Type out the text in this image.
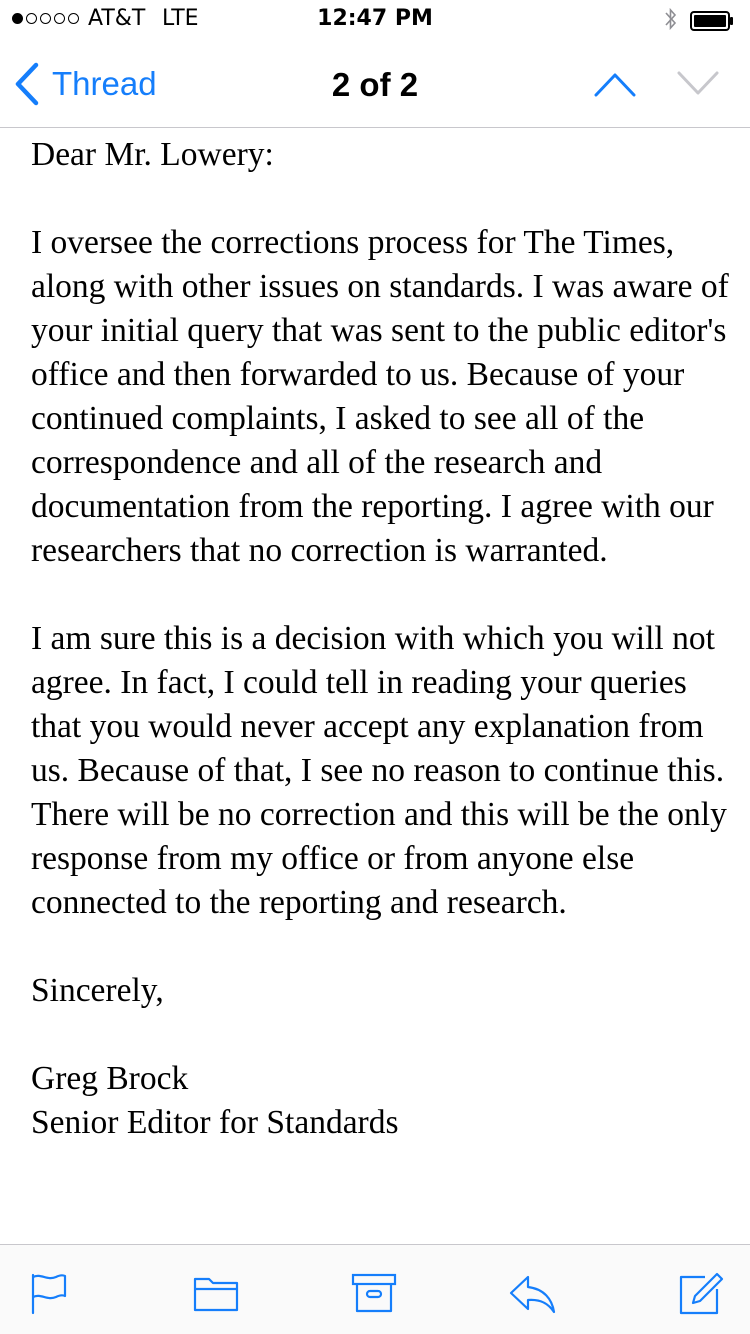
AT&T LTE	12:47 PM
Thread	2 of 2

Dear Mr. Lowery:

I oversee the corrections process for The Times, along with other issues on standards. I was aware of your initial query that was sent to the public editor's office and then forwarded to us. Because of your continued complaints, I asked to see all of the correspondence and all of the research and documentation from the reporting. I agree with our researchers that no correction is warranted.

I am sure this is a decision with which you will not agree. In fact, I could tell in reading your queries that you would never accept any explanation from us. Because of that, I see no reason to continue this. There will be no correction and this will be the only response from my office or from anyone else connected to the reporting and research.

Sincerely,

Greg Brock

Senior Editor for Standards
